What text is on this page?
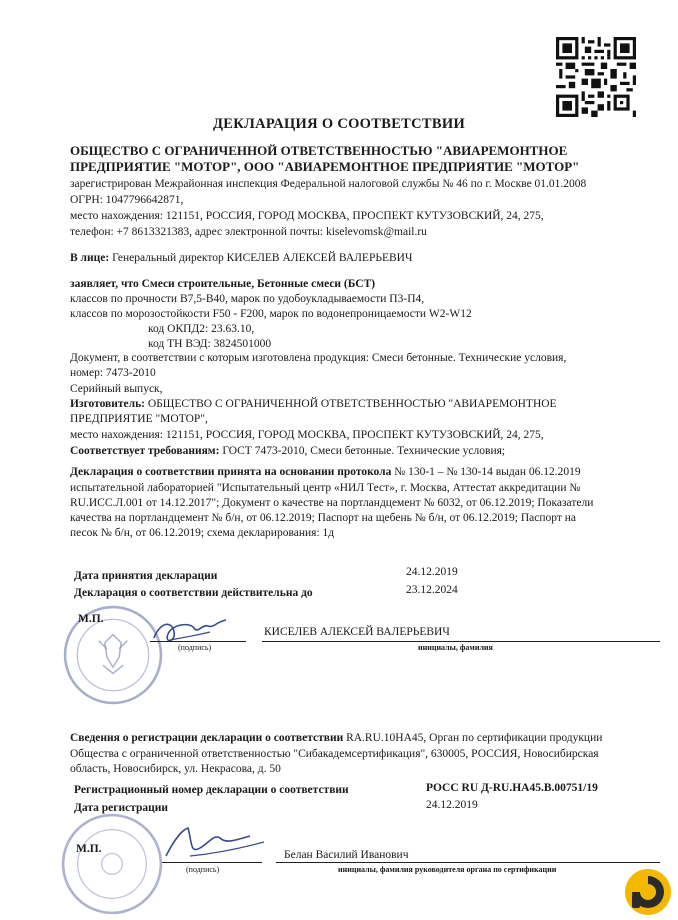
ДЕКЛАРАЦИЯ О СООТВЕТСТВИИ
ОБЩЕСТВО С ОГРАНИЧЕННОЙ ОТВЕТСТВЕННОСТЬЮ "АВИАРЕМОНТНОЕ
ПРЕДПРИЯТИЕ "МОТОР", ООО "АВИАРЕМОНТНОЕ ПРЕДПРИЯТИЕ "МОТОР"
зарегистрирован Межрайонная инспекция Федеральной налоговой службы № 46 по г. Москве 01.01.2008
ОГРН: 1047796642871,
место нахождения: 121151, РОССИЯ, ГОРОД МОСКВА, ПРОСПЕКТ КУТУЗОВСКИЙ, 24, 275,
телефон: +7 8613321383, адрес электронной почты: kiselevomsk@mail.ru
В лице: Генеральный директор КИСЕЛЕВ АЛЕКСЕЙ ВАЛЕРЬЕВИЧ
заявляет, что Смеси строительные, Бетонные смеси (БСТ)
классов по прочности B7,5-B40, марок по удобоукладываемости П3-П4,
классов по морозостойкости F50 - F200, марок по водонепроницаемости W2-W12
код ОКПД2: 23.63.10,
код ТН ВЭД: 3824501000
Документ, в соответствии с которым изготовлена продукция: Смеси бетонные. Технические условия,
номер: 7473-2010
Серийный выпуск,
Изготовитель: ОБЩЕСТВО С ОГРАНИЧЕННОЙ ОТВЕТСТВЕННОСТЬЮ "АВИАРЕМОНТНОЕ
ПРЕДПРИЯТИЕ "МОТОР",
место нахождения: 121151, РОССИЯ, ГОРОД МОСКВА, ПРОСПЕКТ КУТУЗОВСКИЙ, 24, 275,
Соответствует требованиям: ГОСТ 7473-2010, Смеси бетонные. Технические условия;
Декларация о соответствии принята на основании протокола № 130-1 – № 130-14 выдан 06.12.2019
испытательной лабораторией "Испытательный центр «НИЛ Тест», г. Москва, Аттестат аккредитации №
RU.ИСС.Л.001 от 14.12.2017"; Документ о качестве на портландцемент № 6032, от 06.12.2019; Показатели
качества на портландцемент № б/н, от 06.12.2019; Паспорт на щебень № б/н, от 06.12.2019; Паспорт на
песок № б/н, от 06.12.2019; схема декларирования: 1д
Дата принятия декларации	24.12.2019
Декларация о соответствии действительна до	23.12.2024
М.П.
(подпись)
КИСЕЛЕВ АЛЕКСЕЙ ВАЛЕРЬЕВИЧ
инициалы, фамилия
Сведения о регистрации декларации о соответствии RA.RU.10НА45, Орган по сертификации продукции
Общества с ограниченной ответственностью "Сибакадемсертификация", 630005, РОССИЯ, Новосибирская
область, Новосибирск, ул. Некрасова, д. 50
Регистрационный номер декларации о соответствии	РОСС RU Д-RU.НА45.В.00751/19
Дата регистрации	24.12.2019
М.П.
(подпись)
Белан Василий Иванович
инициалы, фамилия руководителя органа по сертификации
